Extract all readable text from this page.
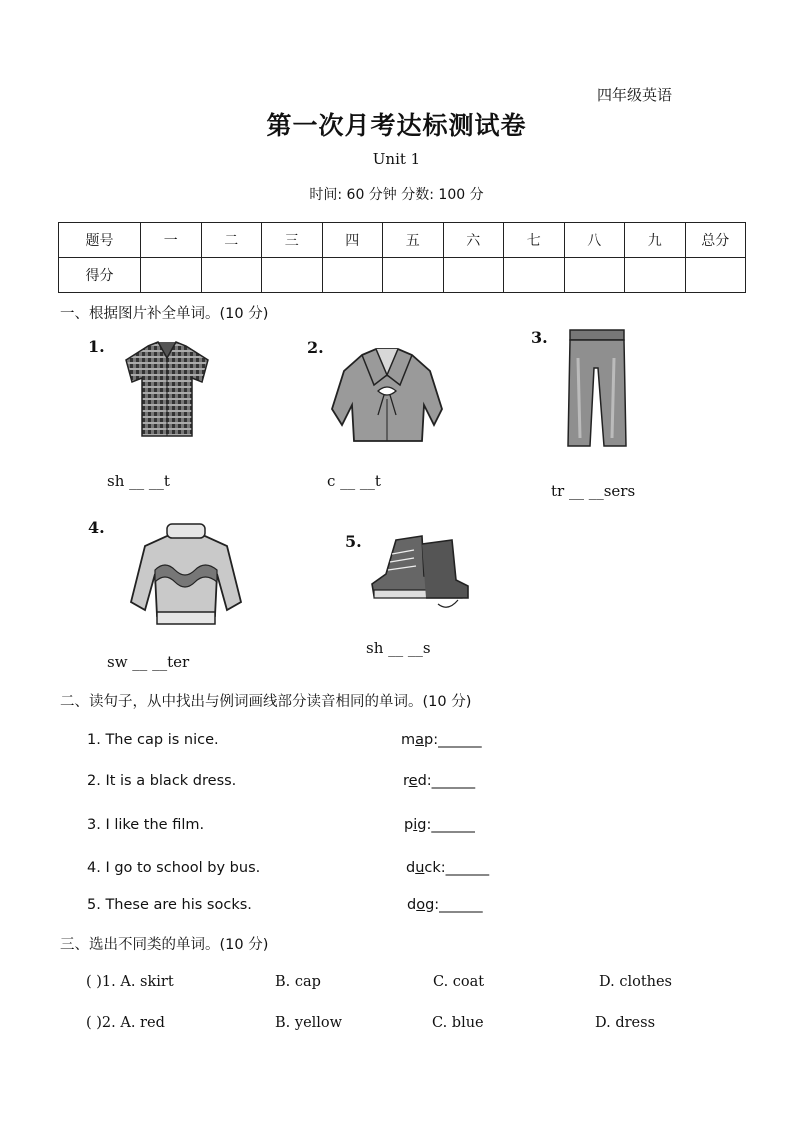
四年级英语
第一次月考达标测试卷
Unit 1
时间: 60 分钟 分数: 100 分
题号	一	二	三	四	五	六	七	八	九	总分
得分										
一、根据图片补全单词。(10 分)
1.
sh __ __t
2.
c __ __t
3.
tr __ __sers
4.
sw __ __ter
5.
sh __ __s
二、读句子，从中找出与例词画线部分读音相同的单词。(10 分)
1. The cap is nice.	map:______
2. It is a black dress.	red:______
3. I like the film.	pig:______
4. I go to school by bus.	duck:______
5. These are his socks.	dog:______
三、选出不同类的单词。(10 分)
( )1. A. skirt	B. cap	C. coat	D. clothes
( )2. A. red	B. yellow	C. blue	D. dress
